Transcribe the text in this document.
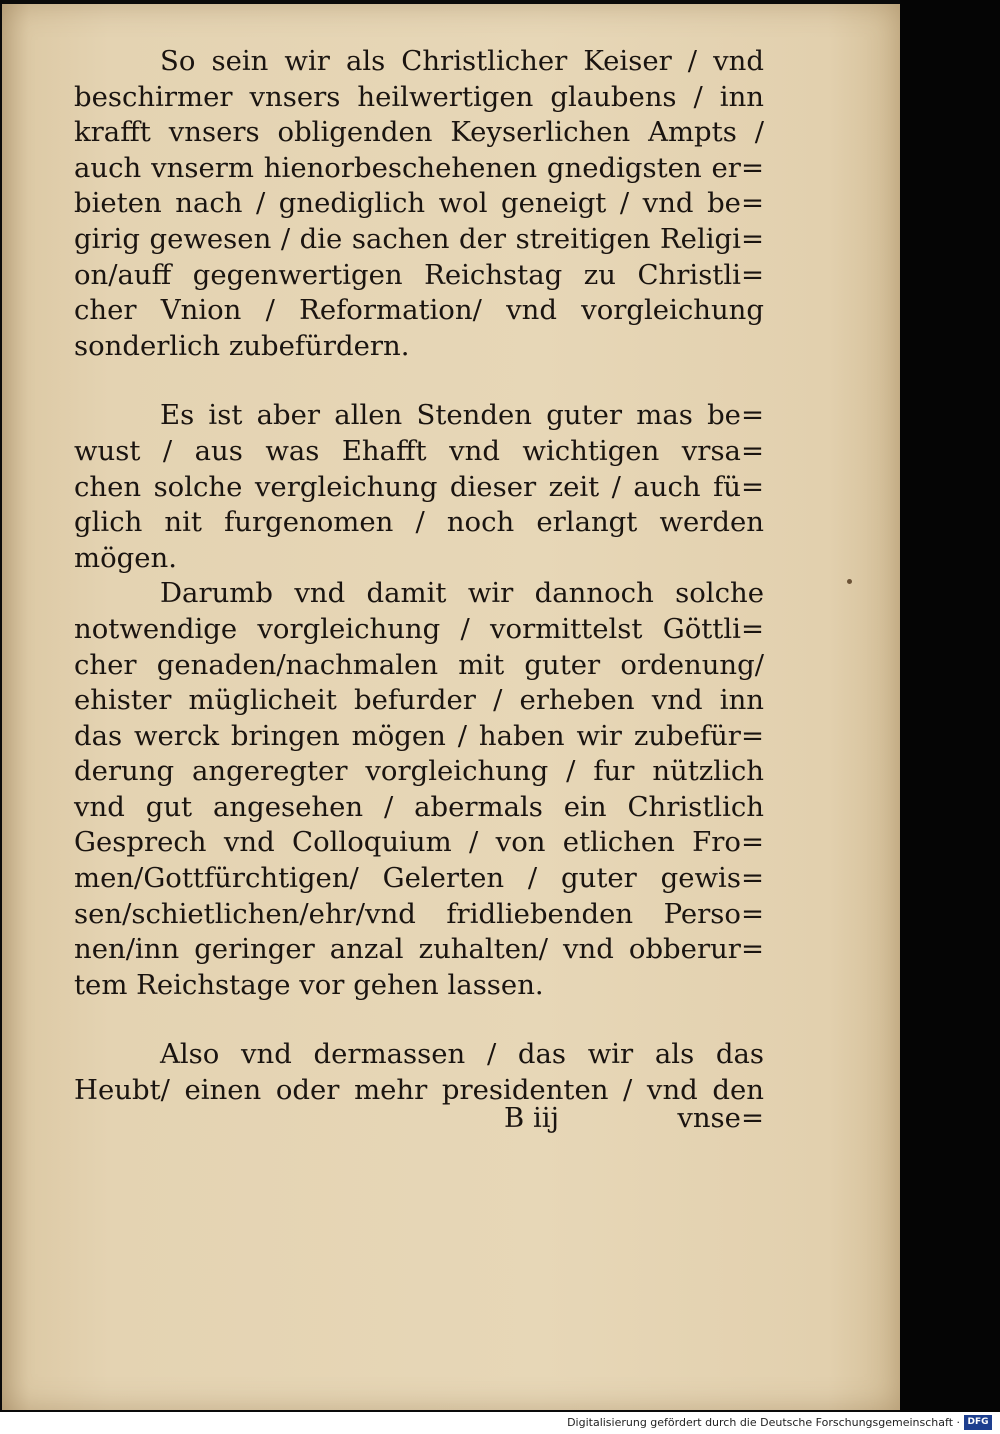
So sein wir als Christlicher Keiser / vnd
beschirmer vnsers heilwertigen glaubens / inn
krafft vnsers obligenden Keyserlichen Ampts /
auch vnserm hienorbeschehenen gnedigsten er=
bieten nach / gnediglich wol geneigt / vnd be=
girig gewesen / die sachen der streitigen Religi=
on/auff gegenwertigen Reichstag zu Christli=
cher Vnion / Reformation/ vnd vorgleichung
sonderlich zubefürdern.
Es ist aber allen Stenden guter mas be=
wust / aus was Ehafft vnd wichtigen vrsa=
chen solche vergleichung dieser zeit / auch fü=
glich nit furgenomen / noch erlangt werden
mögen.
Darumb vnd damit wir dannoch solche
notwendige vorgleichung / vormittelst Göttli=
cher genaden/nachmalen mit guter ordenung/
ehister müglicheit befurder / erheben vnd inn
das werck bringen mögen / haben wir zubefür=
derung angeregter vorgleichung / fur nützlich
vnd gut angesehen / abermals ein Christlich
Gesprech vnd Colloquium / von etlichen Fro=
men/Gottfürchtigen/ Gelerten / guter gewis=
sen/schietlichen/ehr/vnd fridliebenden Perso=
nen/inn geringer anzal zuhalten/ vnd obberur=
tem Reichstage vor gehen lassen.
Also vnd dermassen / das wir als das
Heubt/ einen oder mehr presidenten / vnd den
B iij	vnse=
Digitalisierung gefördert durch die Deutsche Forschungsgemeinschaft · DFG
